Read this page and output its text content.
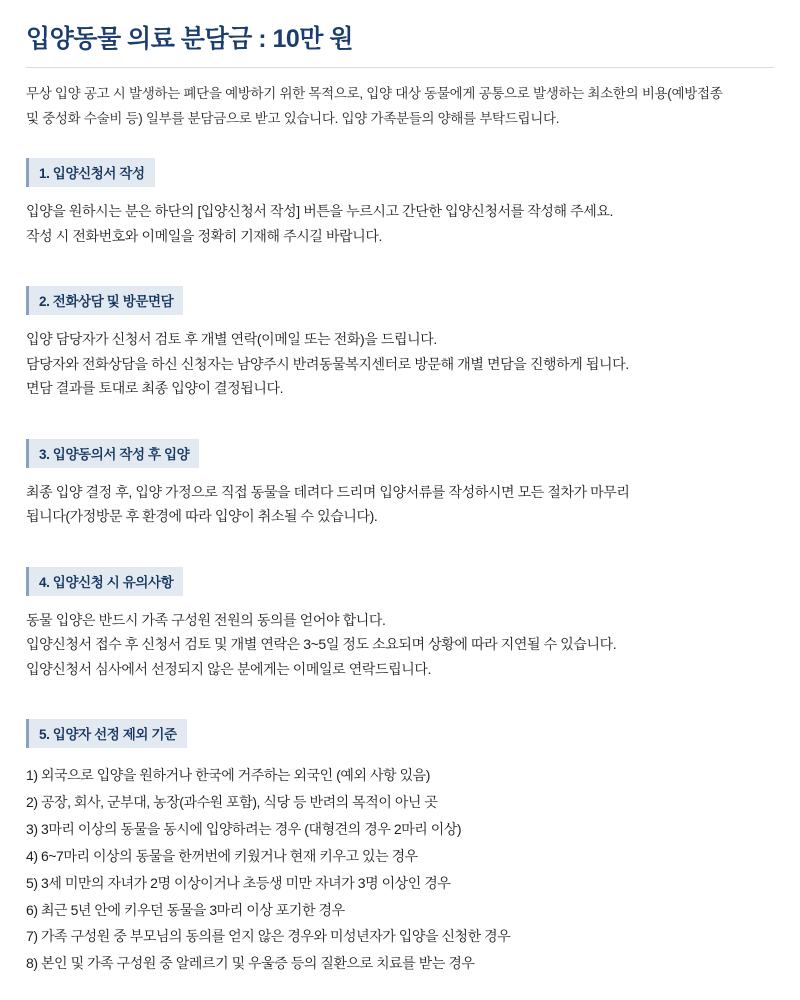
입양동물 의료 분담금 : 10만 원

무상 입양 공고 시 발생하는 폐단을 예방하기 위한 목적으로, 입양 대상 동물에게 공통으로 발생하는 최소한의 비용(예방접종 및 중성화 수술비 등) 일부를 분담금으로 받고 있습니다. 입양 가족분들의 양해를 부탁드립니다.

1. 입양신청서 작성

입양을 원하시는 분은 하단의 [입양신청서 작성] 버튼을 누르시고 간단한 입양신청서를 작성해 주세요.

작성 시 전화번호와 이메일을 정확히 기재해 주시길 바랍니다.

2. 전화상담 및 방문면담

입양 담당자가 신청서 검토 후 개별 연락(이메일 또는 전화)을 드립니다.

담당자와 전화상담을 하신 신청자는 남양주시 반려동물복지센터로 방문해 개별 면담을 진행하게 됩니다.

면담 결과를 토대로 최종 입양이 결정됩니다.

3. 입양동의서 작성 후 입양

최종 입양 결정 후, 입양 가정으로 직접 동물을 데려다 드리며 입양서류를 작성하시면 모든 절차가 마무리

됩니다(가정방문 후 환경에 따라 입양이 취소될 수 있습니다).

4. 입양신청 시 유의사항

동물 입양은 반드시 가족 구성원 전원의 동의를 얻어야 합니다.

입양신청서 접수 후 신청서 검토 및 개별 연락은 3~5일 정도 소요되며 상황에 따라 지연될 수 있습니다.

입양신청서 심사에서 선정되지 않은 분에게는 이메일로 연락드립니다.

5. 입양자 선정 제외 기준
1) 외국으로 입양을 원하거나 한국에 거주하는 외국인 (예외 사항 있음)
2) 공장, 회사, 군부대, 농장(과수원 포함), 식당 등 반려의 목적이 아닌 곳
3) 3마리 이상의 동물을 동시에 입양하려는 경우 (대형견의 경우 2마리 이상)
4) 6~7마리 이상의 동물을 한꺼번에 키웠거나 현재 키우고 있는 경우
5) 3세 미만의 자녀가 2명 이상이거나 초등생 미만 자녀가 3명 이상인 경우
6) 최근 5년 안에 키우던 동물을 3마리 이상 포기한 경우
7) 가족 구성원 중 부모님의 동의를 얻지 않은 경우와 미성년자가 입양을 신청한 경우
8) 본인 및 가족 구성원 중 알레르기 및 우울증 등의 질환으로 치료를 받는 경우
